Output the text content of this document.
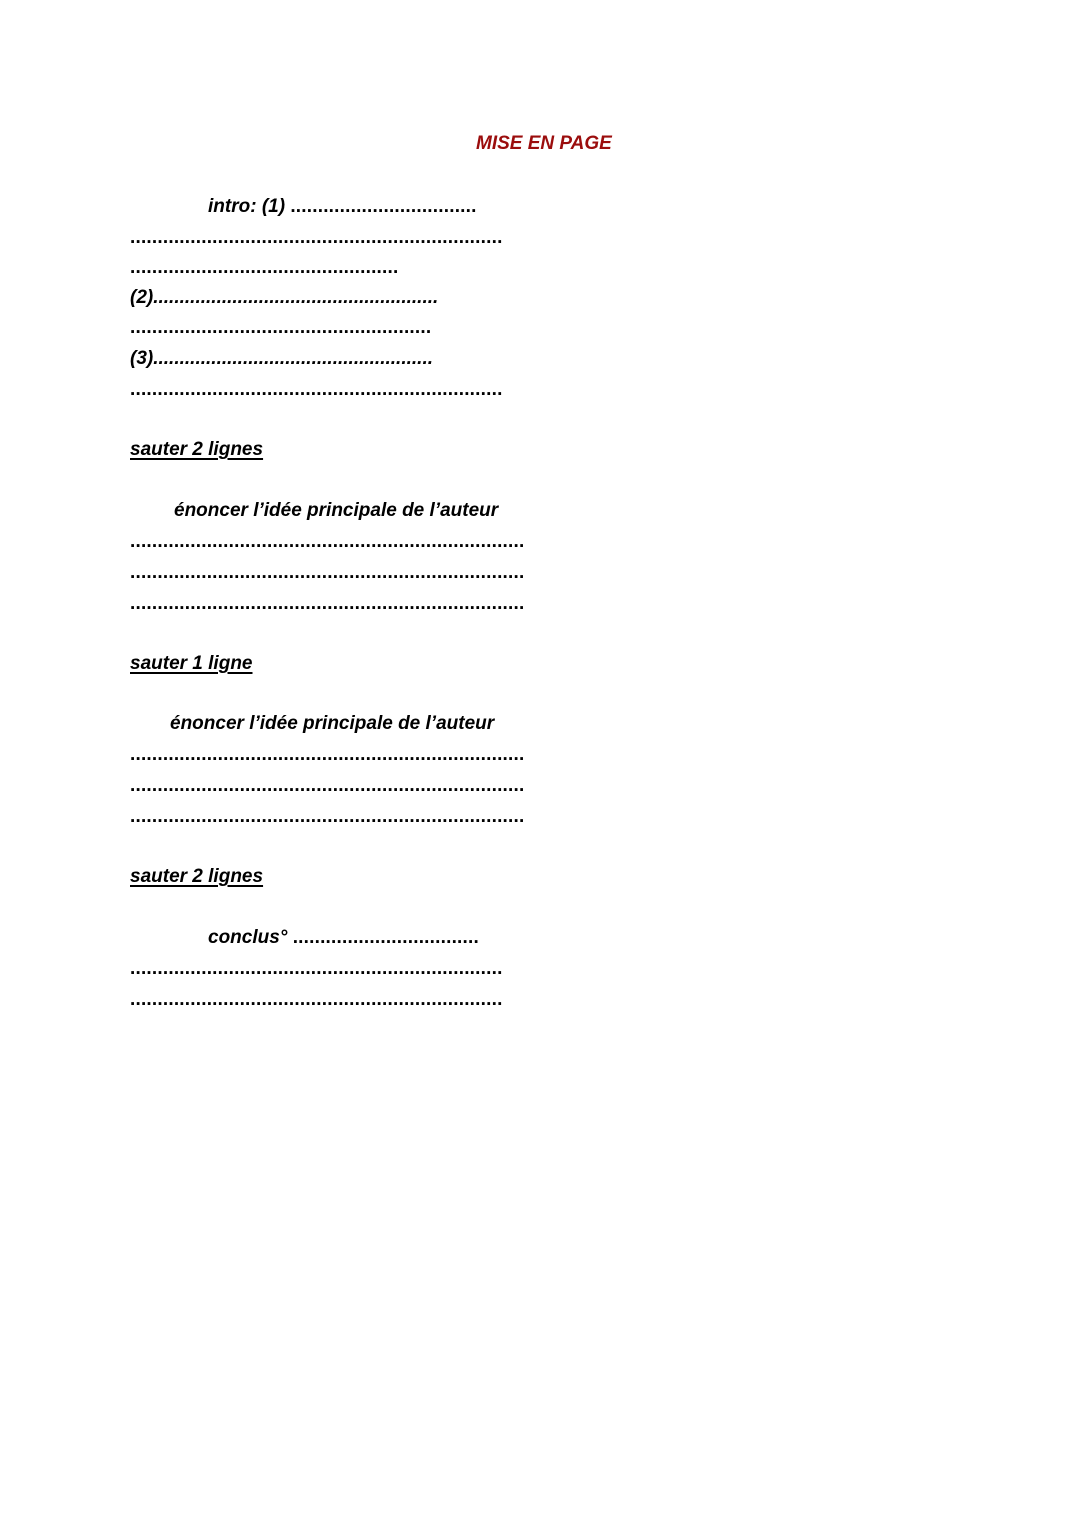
MISE EN PAGE
intro: (1) ..................................
....................................................................
.................................................
(2)......................................................
.......................................................
(3).....................................................
....................................................................
sauter 2 lignes
énoncer l’idée principale de l’auteur
........................................................................
........................................................................
........................................................................
sauter 1 ligne
énoncer l’idée principale de l’auteur
........................................................................
........................................................................
........................................................................
sauter 2 lignes
conclus° ..................................
....................................................................
....................................................................
